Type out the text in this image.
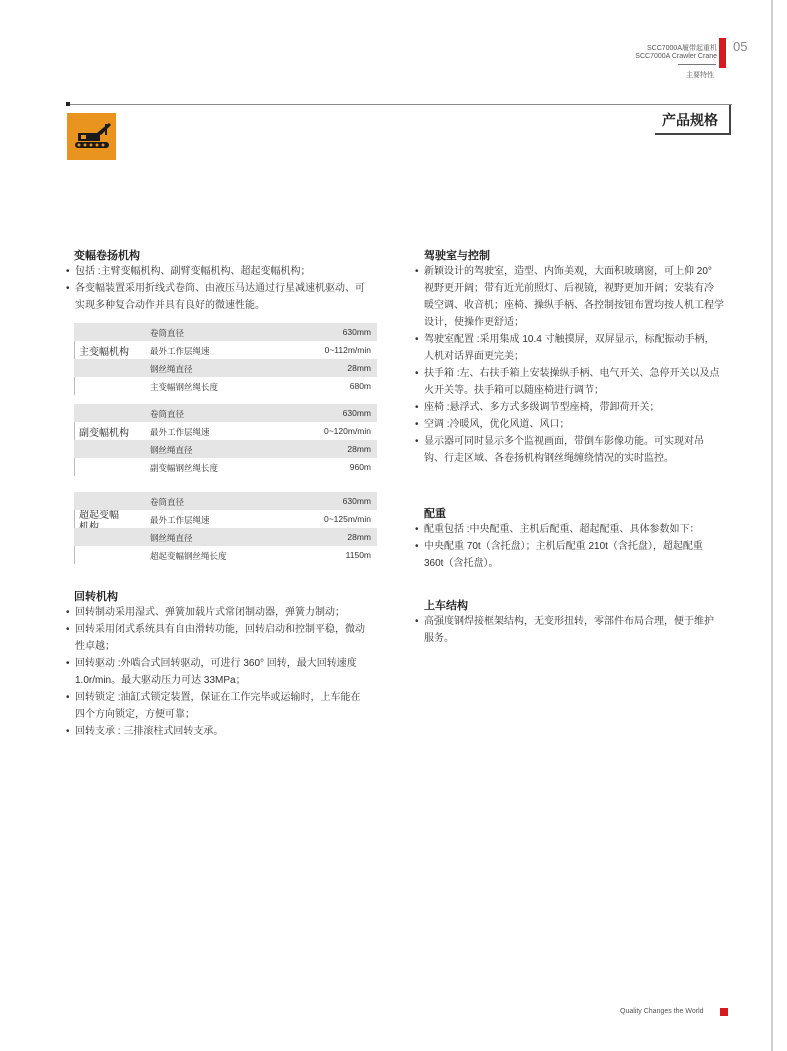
SCC7000A履带起重机
SCC7000A Crawler Crane
主要特性
05
产品规格
变幅卷扬机构

• 包括 :主臂变幅机构、副臂变幅机构、超起变幅机构；

• 各变幅装置采用折线式卷筒、由液压马达通过行星减速机驱动、可

实现多种复合动作并具有良好的微速性能。
主变幅机构
卷筒直径	630mm
最外工作层绳速	0~112m/min
钢丝绳直径	28mm
主变幅钢丝绳长度	680m
副变幅机构
卷筒直径	630mm
最外工作层绳速	0~120m/min
钢丝绳直径	28mm
副变幅钢丝绳长度	960m
超起变幅
卷筒直径	630mm
最外工作层绳速	0~125m/min
钢丝绳直径	28mm
超起变幅钢丝绳长度	1150m
回转机构

• 回转制动采用湿式、弹簧加载片式常闭制动器，弹簧力制动；

• 回转采用闭式系统具有自由滑转功能，回转启动和控制平稳，微动

性卓越；

• 回转驱动 :外啮合式回转驱动，可进行 360° 回转，最大回转速度

1.0r/min。最大驱动压力可达 33MPa；

• 回转锁定 :油缸式锁定装置，保证在工作完毕或运输时，上车能在

四个方向锁定，方便可靠；

• 回转支承 : 三排滚柱式回转支承。

驾驶室与控制

• 新颖设计的驾驶室，造型、内饰美观，大面积玻璃窗，可上仰 20°

视野更开阔；带有近光前照灯、后视镜，视野更加开阔；安装有冷
暖空调、收音机；座椅、操纵手柄、各控制按钮布置均按人机工程学
设计，使操作更舒适；

• 驾驶室配置 :采用集成 10.4 寸触摸屏，双屏显示，标配振动手柄，

人机对话界面更完美；

• 扶手箱 :左、右扶手箱上安装操纵手柄、电气开关、急停开关以及点

火开关等。扶手箱可以随座椅进行调节；

• 座椅 :悬浮式、多方式多级调节型座椅，带卸荷开关；

• 空调 :冷暖风，优化风道、风口；

• 显示器可同时显示多个监视画面，带倒车影像功能。可实现对吊

钩、行走区域、各卷扬机构钢丝绳缠绕情况的实时监控。
配重

• 配重包括 :中央配重、主机后配重、超起配重、具体参数如下：

• 中央配重 70t（含托盘）；主机后配重 210t（含托盘），超起配重

360t（含托盘）。
上车结构

• 高强度钢焊接框架结构，无变形扭转，零部件布局合理，便于维护

服务。
Quality Changes the World
